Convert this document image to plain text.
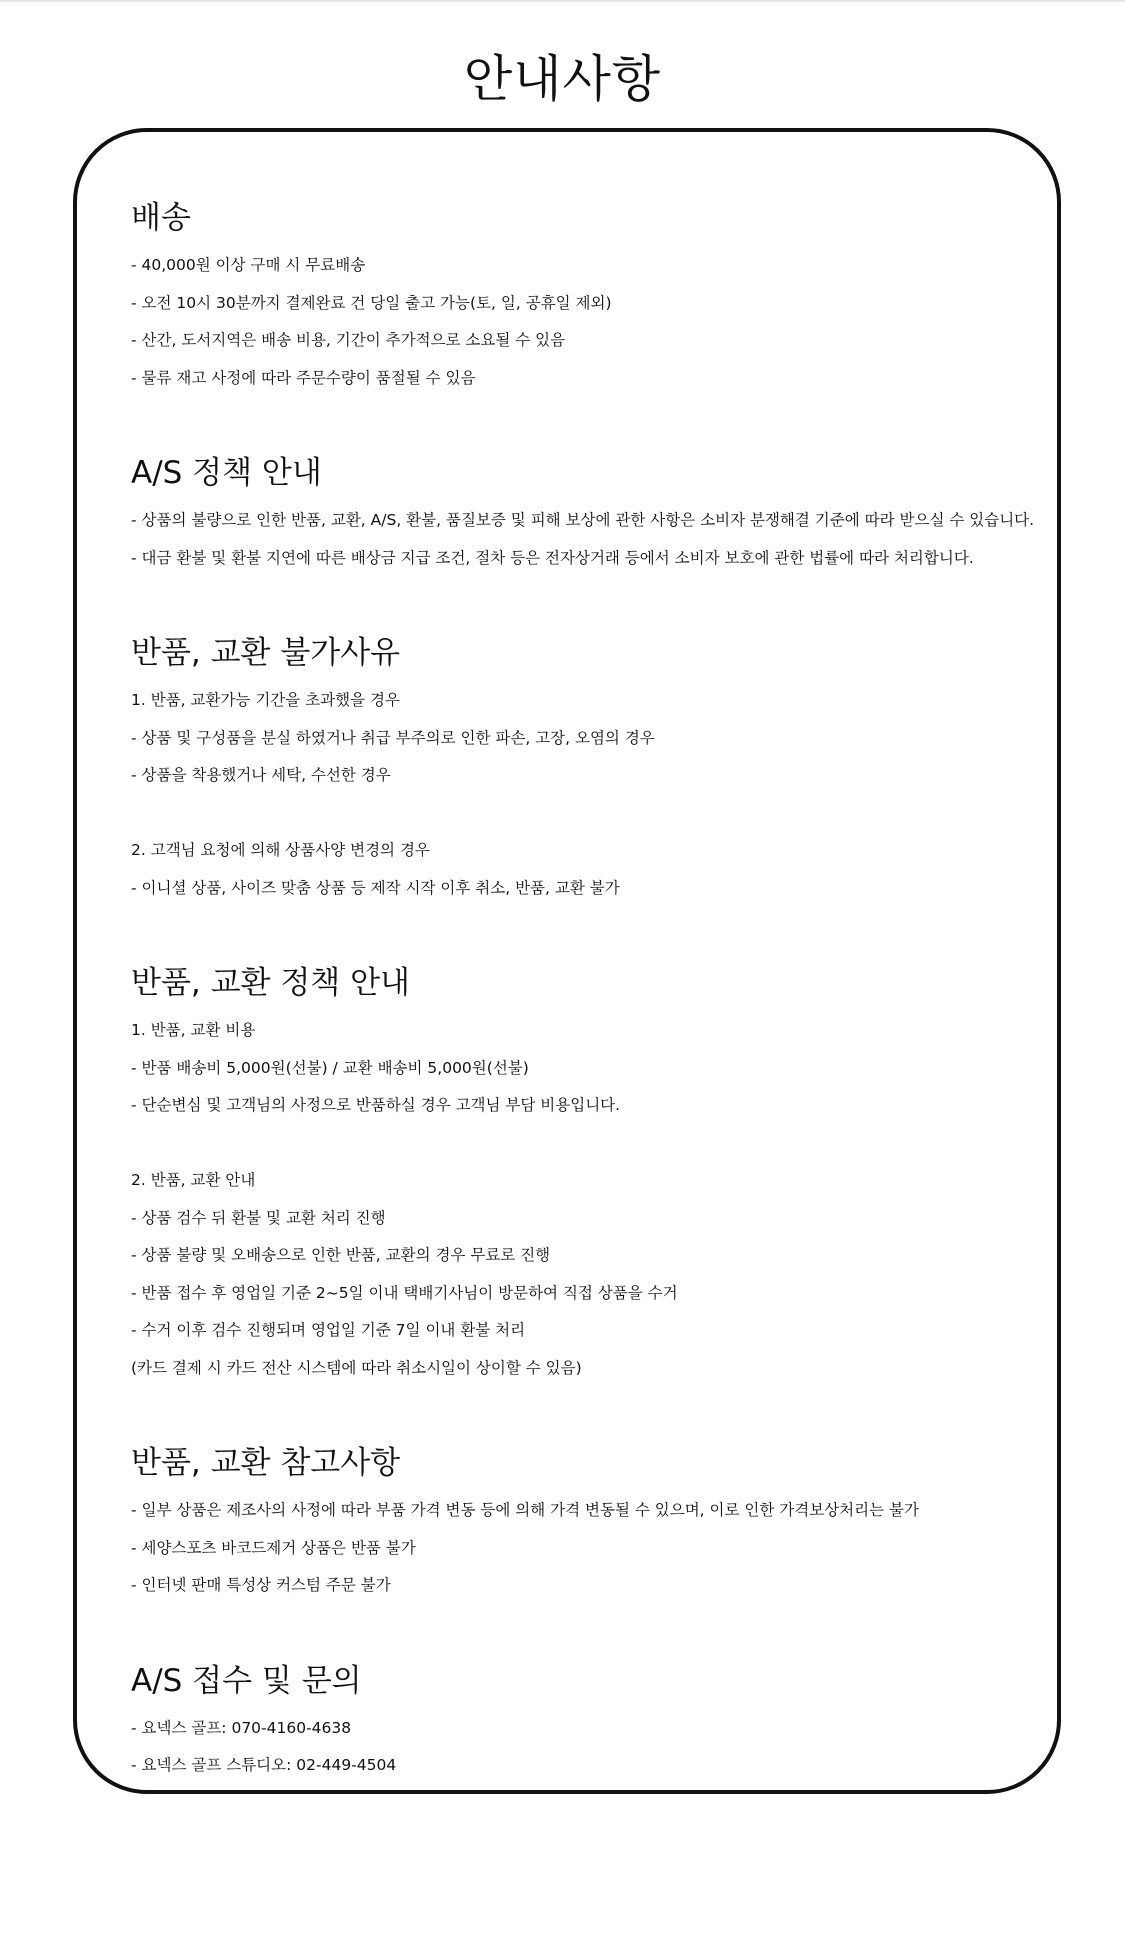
안내사항
배송

- 40,000원 이상 구매 시 무료배송

- 오전 10시 30분까지 결제완료 건 당일 출고 가능(토, 일, 공휴일 제외)

- 산간, 도서지역은 배송 비용, 기간이 추가적으로 소요될 수 있음

- 물류 재고 사정에 따라 주문수량이 품절될 수 있음

A/S 정책 안내

- 상품의 불량으로 인한 반품, 교환, A/S, 환불, 품질보증 및 피해 보상에 관한 사항은 소비자 분쟁해결 기준에 따라 받으실 수 있습니다.

- 대금 환불 및 환불 지연에 따른 배상금 지급 조건, 절차 등은 전자상거래 등에서 소비자 보호에 관한 법률에 따라 처리합니다.

반품, 교환 불가사유

1. 반품, 교환가능 기간을 초과했을 경우

- 상품 및 구성품을 분실 하였거나 취급 부주의로 인한 파손, 고장, 오염의 경우

- 상품을 착용했거나 세탁, 수선한 경우

2. 고객님 요청에 의해 상품사양 변경의 경우

- 이니셜 상품, 사이즈 맞춤 상품 등 제작 시작 이후 취소, 반품, 교환 불가

반품, 교환 정책 안내

1. 반품, 교환 비용

- 반품 배송비 5,000원(선불) / 교환 배송비 5,000원(선불)

- 단순변심 및 고객님의 사정으로 반품하실 경우 고객님 부담 비용입니다.

2. 반품, 교환 안내

- 상품 검수 뒤 환불 및 교환 처리 진행

- 상품 불량 및 오배송으로 인한 반품, 교환의 경우 무료로 진행

- 반품 접수 후 영업일 기준 2~5일 이내 택배기사님이 방문하여 직접 상품을 수거

- 수거 이후 검수 진행되며 영업일 기준 7일 이내 환불 처리

(카드 결제 시 카드 전산 시스템에 따라 취소시일이 상이할 수 있음)

반품, 교환 참고사항

- 일부 상품은 제조사의 사정에 따라 부품 가격 변동 등에 의해 가격 변동될 수 있으며, 이로 인한 가격보상처리는 불가

- 세양스포츠 바코드제거 상품은 반품 불가

- 인터넷 판매 특성상 커스텀 주문 불가

A/S 접수 및 문의

- 요넥스 골프: 070-4160-4638

- 요넥스 골프 스튜디오: 02-449-4504
